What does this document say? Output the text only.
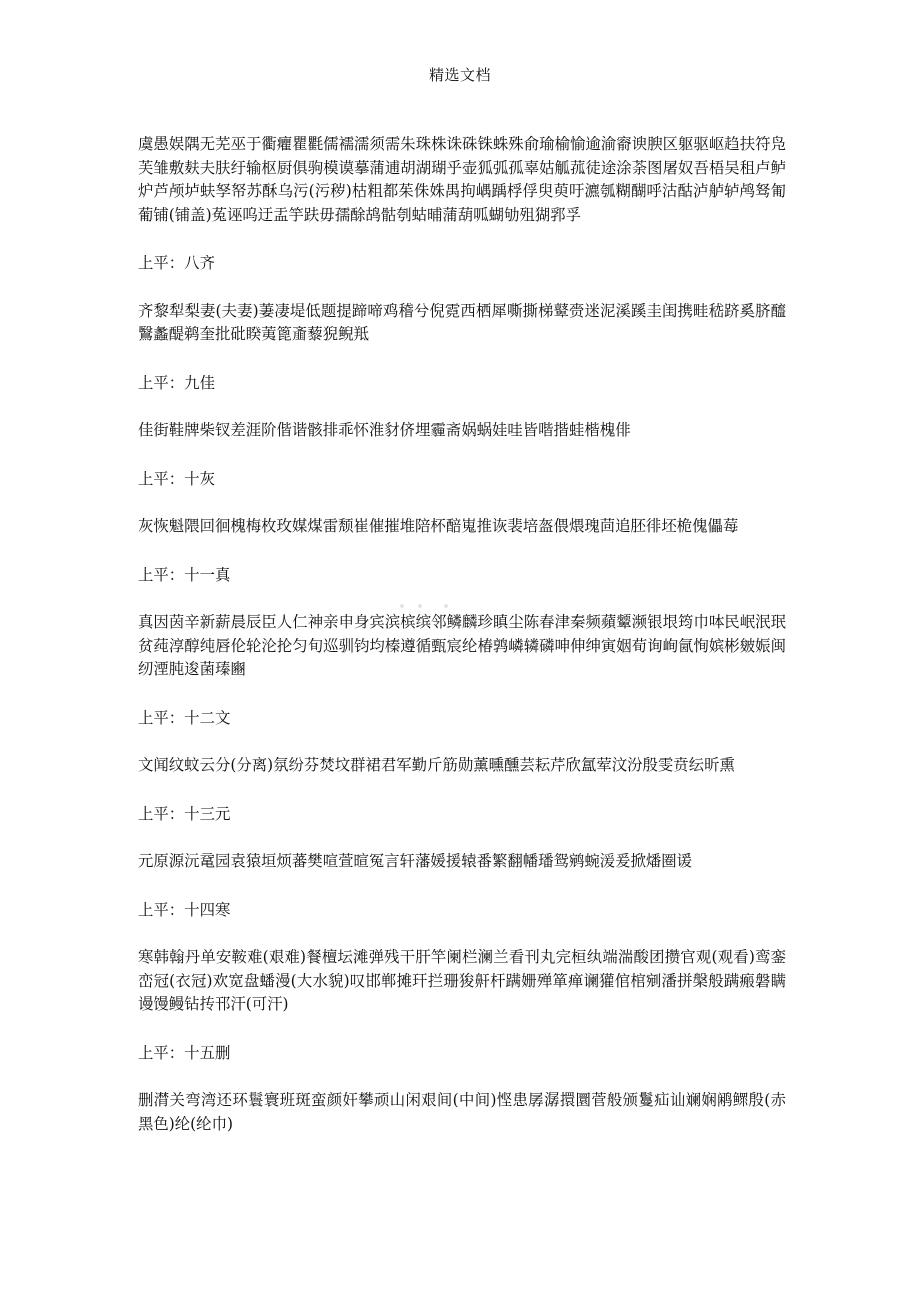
精选文档

虞愚娱隅无芜巫于衢癯瞿氍儒襦濡须需朱珠株诛硃铢蛛殊俞瑜榆愉逾渝窬谀腴区躯驱岖趋扶符凫芙雏敷麸夫肤纡输枢厨俱驹模谟摹蒲逋胡湖瑚乎壶狐弧孤辜姑觚菰徒途涂荼图屠奴吾梧吴租卢鲈炉芦颅垆蚨孥帑苏酥乌污(污秽)枯粗都茱侏姝禺拘嵎踽桴俘臾萸吁瀌瓠糊醐呼沽酤泸舻轳鸬驽匍葡铺(铺盖)菟诬呜迂盂竽趺毋孺酴鸪骷刳蛄晡蒲葫呱蝴劬殂猢郛孚

上平：八齐

齐黎犁梨妻(夫妻)萋凄堤低题提蹄啼鸡稽兮倪霓西栖犀嘶撕梯鼙赍迷泥溪蹊圭闺携畦嵇跻奚脐醯鷖蠡醍鹈奎批砒睽荑篦齑藜猊鲵羝

上平：九佳

佳街鞋牌柴钗差涯阶偕谐骸排乖怀淮豺侪埋霾斋娲蜗娃哇皆喈揩蛙楷槐俳

上平：十灰

灰恢魁隈回徊槐梅枚玫媒煤雷颓崔催摧堆陪杯醅嵬推诙裴培盔偎煨瑰茴追胚徘坯桅傀儡莓

上平：十一真

真因茵辛新薪晨辰臣人仁神亲申身宾滨槟缤邻鳞麟珍瞋尘陈春津秦频蘋颦濒银垠筠巾呠民岷泯珉贫莼淳醇纯唇伦轮沦抡匀旬巡驯钧均榛遵循甄宸纶椿鹑嶙辚磷呻伸绅寅姻荀询峋氤恂嫔彬皴娠闽纫湮肫逡菌瑧豳

上平：十二文

文闻纹蚊云分(分离)氛纷芬焚坟群裙君军勤斤筋勋薰曛醺芸耘芹欣氲荤汶汾殷雯贲纭昕熏

上平：十三元

元原源沅鼋园袁猿垣烦蕃樊喧萱暄冤言轩藩媛援辕番繁翻幡璠鸳鹓蜿湲爰掀燔圈谖

上平：十四寒

寒韩翰丹单安鞍难(艰难)餐檀坛滩弹残干肝竿阑栏澜兰看刊丸完桓纨端湍酸团攒官观(观看)鸾銮峦冠(衣冠)欢宽盘蟠漫(大水貌)叹邯郸摊玕拦珊狻鼾杆蹒姗殚箪瘅谰獾倌棺剜潘拼槃般蹒瘢磐瞒谩馒鳗钻抟邗汗(可汗)

上平：十五删

删潸关弯湾还环鬟寰班斑蛮颜奸攀顽山闲艰间(中间)悭患孱潺擐圜菅般颁鬘疝讪斓娴鹇鳏殷(赤黑色)纶(纶巾)
